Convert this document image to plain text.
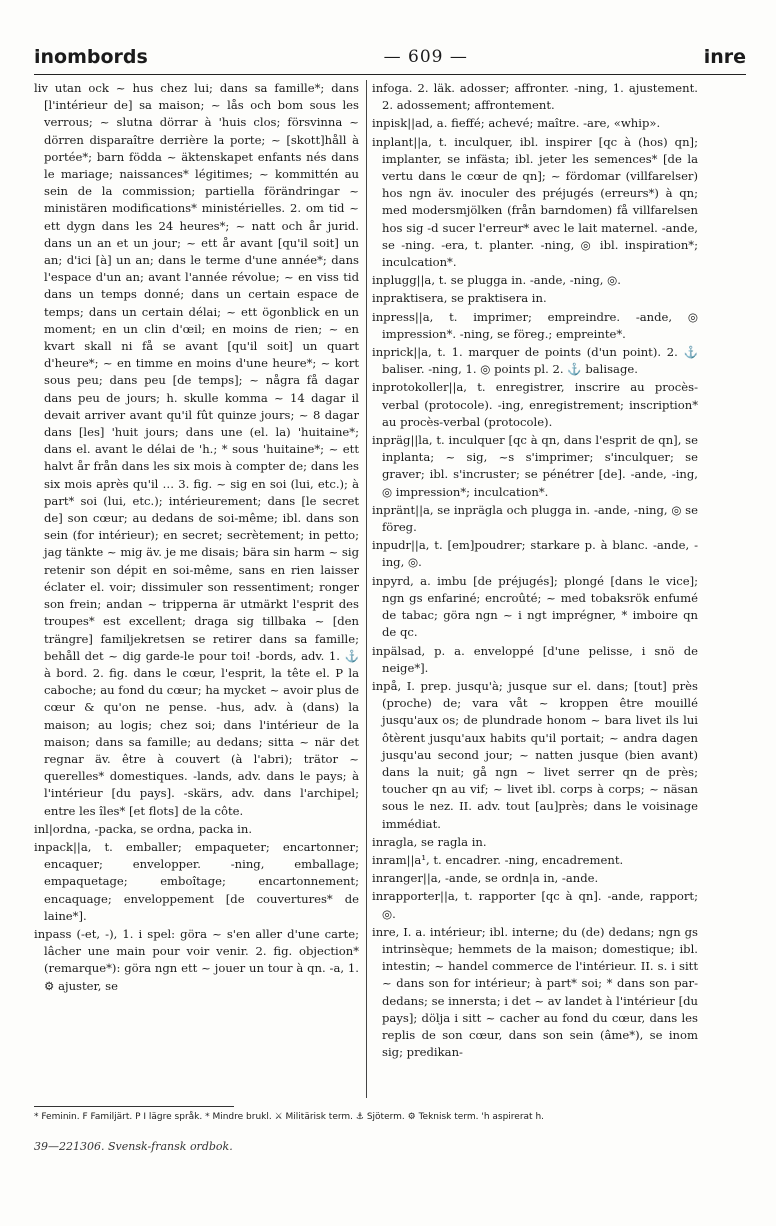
inombords	— 609 —	inre

liv utan ock ~ hus chez lui; dans sa famille*; dans [l'intérieur de] sa maison; ~ lås och bom sous les verrous; ~ slutna dörrar à 'huis clos; försvinna ~ dörren disparaître derrière la porte; ~ [skott]håll à portée*; barn födda ~ äktenskapet enfants nés dans le mariage; naissances* légitimes; ~ kommittén au sein de la commission; partiella förändringar ~ ministären modifications* ministérielles. 2. om tid ~ ett dygn dans les 24 heures*; ~ natt och år jurid. dans un an et un jour; ~ ett år avant [qu'il soit] un an; d'ici [à] un an; dans le terme d'une année*; dans l'espace d'un an; avant l'année révolue; ~ en viss tid dans un temps donné; dans un certain espace de temps; dans un certain délai; ~ ett ögonblick en un moment; en un clin d'œil; en moins de rien; ~ en kvart skall ni få se avant [qu'il soit] un quart d'heure*; ~ en timme en moins d'une heure*; ~ kort sous peu; dans peu [de temps]; ~ några få dagar dans peu de jours; h. skulle komma ~ 14 dagar il devait arriver avant qu'il fût quinze jours; ~ 8 dagar dans [les] 'huit jours; dans une (el. la) 'huitaine*; dans el. avant le délai de 'h.; * sous 'huitaine*; ~ ett halvt år från dans les six mois à compter de; dans les six mois après qu'il … 3. fig. ~ sig en soi (lui, etc.); à part* soi (lui, etc.); intérieurement; dans [le secret de] son cœur; au dedans de soi-même; ibl. dans son sein (for intérieur); en secret; secrètement; in petto; jag tänkte ~ mig äv. je me disais; bära sin harm ~ sig retenir son dépit en soi-même, sans en rien laisser éclater el. voir; dissimuler son ressentiment; ronger son frein; andan ~ tripperna är utmärkt l'esprit des troupes* est excellent; draga sig tillbaka ~ [den trängre] familjekretsen se retirer dans sa famille; behåll det ~ dig garde-le pour toi! -bords, adv. 1. ⚓ à bord. 2. fig. dans le cœur, l'esprit, la tête el. P la caboche; au fond du cœur; ha mycket ~ avoir plus de cœur & qu'on ne pense. -hus, adv. à (dans) la maison; au logis; chez soi; dans l'intérieur de la maison; dans sa famille; au dedans; sitta ~ när det regnar äv. être à couvert (à l'abri); trätor ~ querelles* domestiques. -lands, adv. dans le pays; à l'intérieur [du pays]. -skärs, adv. dans l'archipel; entre les îles* [et flots] de la côte.

inl|ordna, -packa, se ordna, packa in.

inpack||a, t. emballer; empaqueter; encartonner; encaquer; envelopper. -ning, emballage; empaquetage; emboîtage; encartonnement; encaquage; enveloppement [de couvertures* de laine*].

inpass (-et, -), 1. i spel: göra ~ s'en aller d'une carte; lâcher une main pour voir venir. 2. fig. objection* (remarque*): göra ngn ett ~ jouer un tour à qn. -a, 1. ⚙ ajuster, se

infoga. 2. läk. adosser; affronter. -ning, 1. ajustement. 2. adossement; affrontement.

inpisk||ad, a. fieffé; achevé; maître. -are, «whip».

inplant||a, t. inculquer, ibl. inspirer [qc à (hos) qn]; implanter, se infästa; ibl. jeter les semences* [de la vertu dans le cœur de qn]; ~ fördomar (villfarelser) hos ngn äv. inoculer des préjugés (erreurs*) à qn; med modersmjölken (från barndomen) få villfarelsen hos sig -d sucer l'erreur* avec le lait maternel. -ande, se -ning. -era, t. planter. -ning, ◎ ibl. inspiration*; inculcation*.

inplugg||a, t. se plugga in. -ande, -ning, ◎.

inpraktisera, se praktisera in.

inpress||a, t. imprimer; empreindre. -ande, ◎ impression*. -ning, se föreg.; empreinte*.

inprick||a, t. 1. marquer de points (d'un point). 2. ⚓ baliser. -ning, 1. ◎ points pl. 2. ⚓ balisage.

inprotokoller||a, t. enregistrer, inscrire au procès-verbal (protocole). -ing, enregistrement; inscription* au procès-verbal (protocole).

inpräg||la, t. inculquer [qc à qn, dans l'esprit de qn], se inplanta; ~ sig, ~s s'imprimer; s'inculquer; se graver; ibl. s'incruster; se pénétrer [de]. -ande, -ing, ◎ impression*; inculcation*.

inpränt||a, se inprägla och plugga in. -ande, -ning, ◎ se föreg.

inpudr||a, t. [em]poudrer; starkare p. à blanc. -ande, -ing, ◎.

inpyrd, a. imbu [de préjugés]; plongé [dans le vice]; ngn gs enfariné; encroûté; ~ med tobaksrök enfumé de tabac; göra ngn ~ i ngt imprégner, * imboire qn de qc.

inpälsad, p. a. enveloppé [d'une pelisse, i snö de neige*].

inpå, I. prep. jusqu'à; jusque sur el. dans; [tout] près (proche) de; vara våt ~ kroppen être mouillé jusqu'aux os; de plundrade honom ~ bara livet ils lui ôtèrent jusqu'aux habits qu'il portait; ~ andra dagen jusqu'au second jour; ~ natten jusque (bien avant) dans la nuit; gå ngn ~ livet serrer qn de près; toucher qn au vif; ~ livet ibl. corps à corps; ~ näsan sous le nez. II. adv. tout [au]près; dans le voisinage immédiat.

inragla, se ragla in.

inram||a¹, t. encadrer. -ning, encadrement.

inranger||a, -ande, se ordn|a in, -ande.

inrapporter||a, t. rapporter [qc à qn]. -ande, rapport; ◎.

inre, I. a. intérieur; ibl. interne; du (de) dedans; ngn gs intrinsèque; hemmets de la maison; domestique; ibl. intestin; ~ handel commerce de l'intérieur. II. s. i sitt ~ dans son for intérieur; à part* soi; * dans son par-dedans; se innersta; i det ~ av landet à l'intérieur [du pays]; dölja i sitt ~ cacher au fond du cœur, dans les replis de son cœur, dans son sein (âme*), se inom sig; predikan-

* Feminin. F Familjärt. P I lägre språk. * Mindre brukl. ⚔ Militärisk term. ⚓ Sjöterm. ⚙ Teknisk term. 'h aspirerat h.
39—221306. Svensk-fransk ordbok.
